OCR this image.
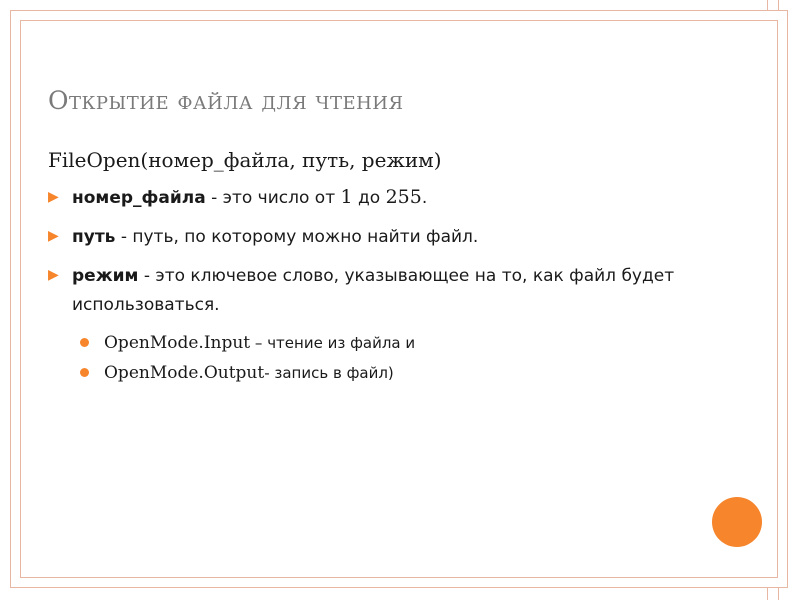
Открытие файла для чтения
FileOpen(номер_файла, путь, режим)
▶ номер_файла - это число от 1 до 255.
▶ путь - путь, по которому можно найти файл.
▶ режим - это ключевое слово, указывающее на то, как файл будет использоваться.
OpenMode.Input – чтение из файла и
OpenMode.Output- запись в файл)
